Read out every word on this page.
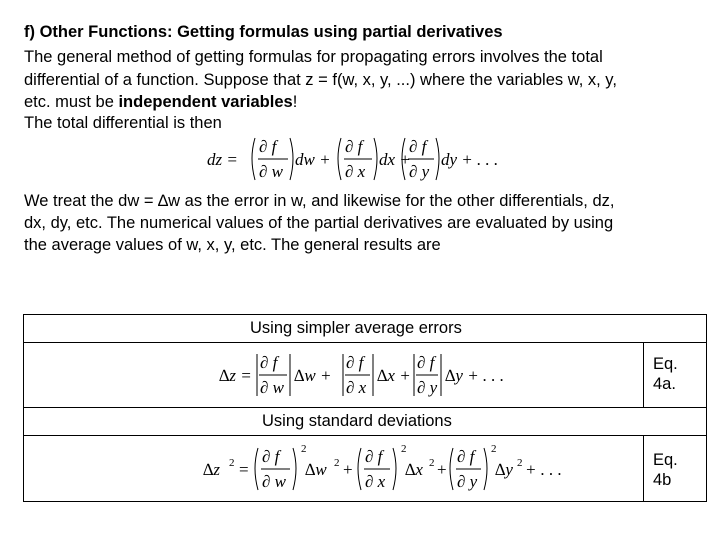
f) Other Functions: Getting formulas using partial derivatives
The general method of getting formulas for propagating errors involves the total
differential of a function. Suppose that z = f(w, x, y, ...) where the variables w, x, y,
etc. must be independent variables!
The total differential is then
dz =
∂ f
∂ w
dw +
∂ f
∂ x
dx +
∂ f
∂ y
dy + . . .
We treat the dw = ∆w as the error in w, and likewise for the other differentials, dz,
dx, dy, etc. The numerical values of the partial derivatives are evaluated by using
the average values of w, x, y, etc. The general results are
Using simpler average errors
∆z =
∂ f
∂ w
∆w +
∂ f
∂ x
∆x +
∂ f
∂ y
∆y + . . .
Eq.
4a.
Using standard deviations
∆z 2 =
∂ f
∂ w
2
∆w 2 +
∂ f
∂ x
2
∆x 2 +
∂ f
∂ y
2
∆y 2 + . . .	Eq.
4b
